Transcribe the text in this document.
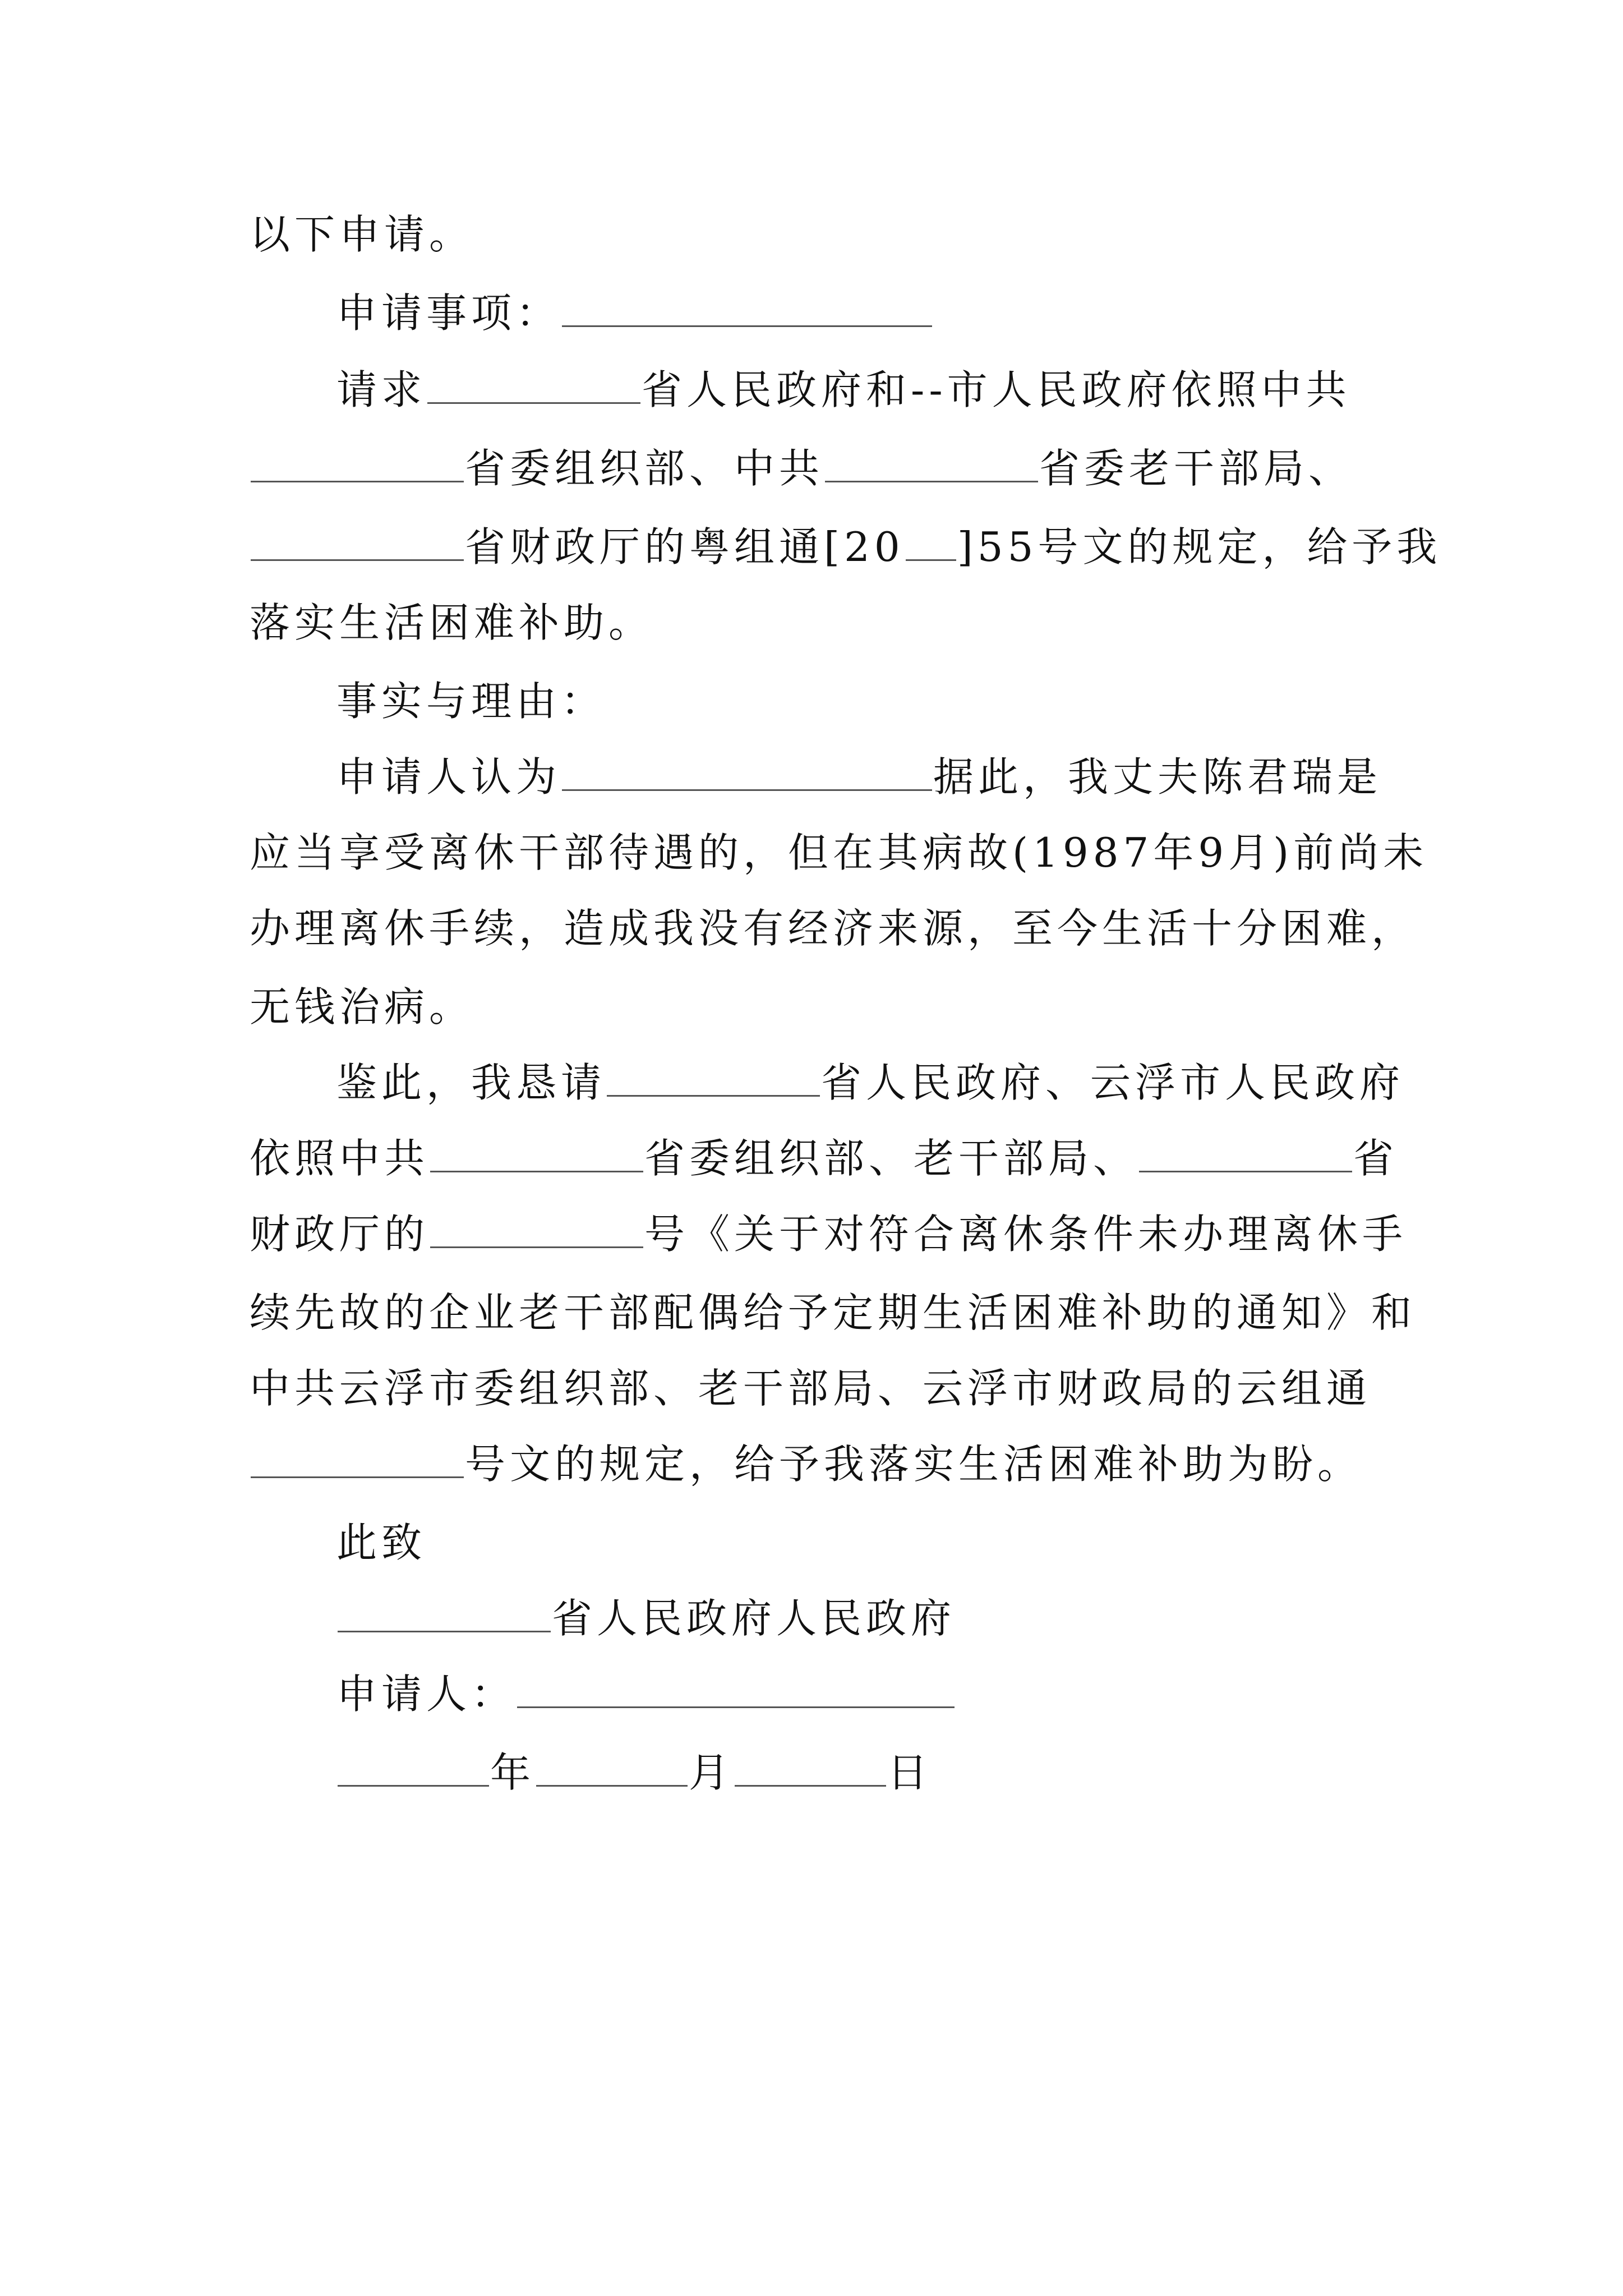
以下申请。
申请事项：
请求	省人民政府和--市人民政府依照中共
省委组织部、中共	省委老干部局、
省财政厅的粤组通[20 ]55号文的规定，给予我
落实生活困难补助。
事实与理由：
申请人认为	据此，我丈夫陈君瑞是
应当享受离休干部待遇的，但在其病故(1987年9月)前尚未
办理离休手续，造成我没有经济来源，至今生活十分困难，
无钱治病。
鉴此，我恳请	省人民政府、云浮市人民政府
依照中共	省委组织部、老干部局、	省
财政厅的	号《关于对符合离休条件未办理离休手
续先故的企业老干部配偶给予定期生活困难补助的通知》和
中共云浮市委组织部、老干部局、云浮市财政局的云组通
号文的规定，给予我落实生活困难补助为盼。
此致
省人民政府人民政府
申请人：
年	月	日
